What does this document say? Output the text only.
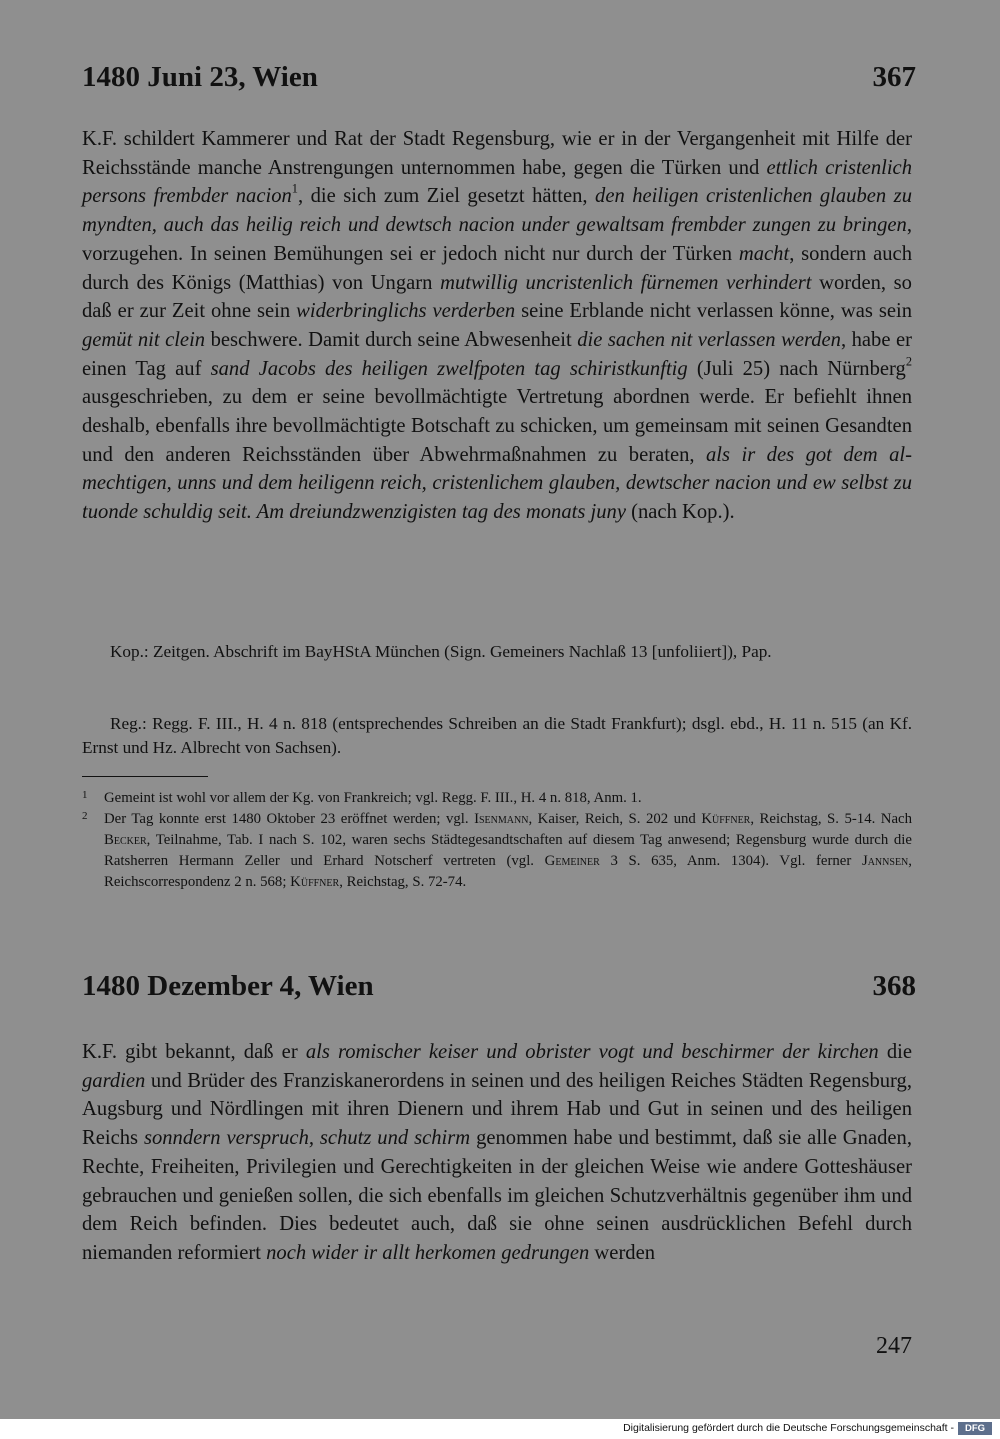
1480 Juni 23, Wien	367

K.F. schildert Kammerer und Rat der Stadt Regensburg, wie er in der Vergangenheit mit Hilfe der Reichsstände manche Anstrengungen unternommen habe, gegen die Türken und ettlich cristenlich persons frembder nacion$^1$, die sich zum Ziel gesetzt hätten, den heiligen cristenlichen glauben zu myndten, auch das heilig reich und dewtsch nacion under gewaltsam frembder zungen zu bringen, vorzugehen. In seinen Bemühungen sei er jedoch nicht nur durch der Türken macht, sondern auch durch des Königs (Matthias) von Ungarn mutwillig uncristenlich fürnemen verhindert worden, so daß er zur Zeit ohne sein widerbringlichs verderben seine Erblande nicht verlassen könne, was sein gemüt nit clein beschwere. Damit durch seine Abwesenheit die sachen nit verlassen werden, habe er einen Tag auf sand Jacobs des heiligen zwelfpoten tag schiristkunftig (Juli 25) nach Nürnberg$^2$ ausgeschrieben, zu dem er seine bevollmächtigte Vertretung abordnen werde. Er befiehlt ihnen deshalb, ebenfalls ihre bevollmächtigte Botschaft zu schicken, um gemeinsam mit seinen Gesandten und den anderen Reichsständen über Abwehrmaßnahmen zu beraten, als ir des got dem almechtigen, unns und dem heiligenn reich, cristenlichem glauben, dewtscher nacion und ew selbst zu tuonde schuldig seit. Am dreiundzwenzigisten tag des monats juny (nach Kop.).

Kop.: Zeitgen. Abschrift im BayHStA München (Sign. Gemeiners Nachlaß 13 [unfoliiert]), Pap.

Reg.: Regg. F. III., H. 4 n. 818 (entsprechendes Schreiben an die Stadt Frankfurt); dsgl. ebd., H. 11 n. 515 (an Kf. Ernst und Hz. Albrecht von Sachsen).

1 Gemeint ist wohl vor allem der Kg. von Frankreich; vgl. Regg. F. III., H. 4 n. 818, Anm. 1.
2 Der Tag konnte erst 1480 Oktober 23 eröffnet werden; vgl. Isenmann, Kaiser, Reich, S. 202 und Küffner, Reichstag, S. 5-14. Nach Becker, Teilnahme, Tab. I nach S. 102, waren sechs Städtegesandtschaften auf diesem Tag anwesend; Regensburg wurde durch die Ratsherren Hermann Zeller und Erhard Notscherf vertreten (vgl. Gemeiner 3 S. 635, Anm. 1304). Vgl. ferner Jannsen, Reichscorrespondenz 2 n. 568; Küffner, Reichstag, S. 72-74.
1480 Dezember 4, Wien	368

K.F. gibt bekannt, daß er als romischer keiser und obrister vogt und beschirmer der kirchen die gardien und Brüder des Franziskanerordens in seinen und des heiligen Reiches Städten Regensburg, Augsburg und Nördlingen mit ihren Dienern und ihrem Hab und Gut in seinen und des heiligen Reichs sonndern verspruch, schutz und schirm genommen habe und bestimmt, daß sie alle Gnaden, Rechte, Freiheiten, Privilegien und Gerechtigkeiten in der gleichen Weise wie andere Gotteshäuser gebrauchen und genießen sollen, die sich ebenfalls im gleichen Schutzverhältnis gegenüber ihm und dem Reich befinden. Dies bedeutet auch, daß sie ohne seinen ausdrücklichen Befehl durch niemanden reformiert noch wider ir allt herkomen gedrungen werden

247
Digitalisierung gefördert durch die Deutsche Forschungsgemeinschaft -	DFG
